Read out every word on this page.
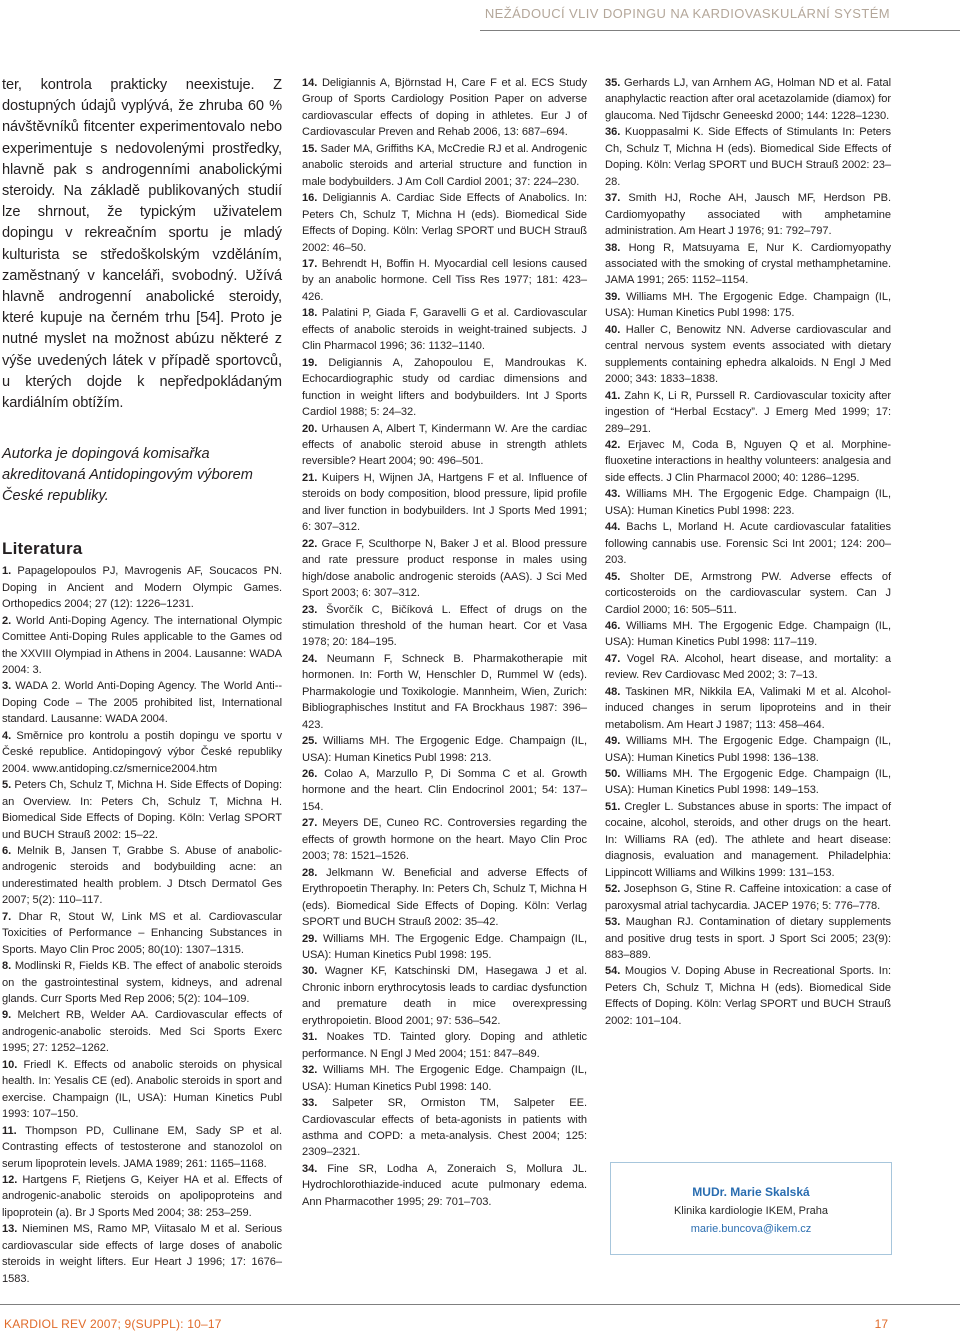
NEŽÁDOUCÍ VLIV DOPINGU NA KARDIOVASKULÁRNÍ SYSTÉM

ter, kontrola prakticky neexistuje. Z dostupných údajů vyplývá, že zhruba 60 % návštěvníků fitcenter experimentovalo nebo experimentuje s nedovolenými prostředky, hlavně pak s androgenními anabolickými steroidy. Na základě publikovaných studií lze shrnout, že typickým uživatelem dopingu v rekreačním sportu je mladý kulturista se středoškolským vzděláním, zaměstnaný v kanceláři, svobodný. Užívá hlavně androgenní anabolické steroidy, které kupuje na černém trhu [54]. Proto je nutné myslet na možnost abúzu některé z výše uvedených látek v případě sportovců, u kterých dojde k nepředpokládaným kardiálním obtížím.

Autorka je dopingová komisařka akreditovaná Antidopingovým výborem České republiky.
Literatura
1. Papagelopoulos PJ, Mavrogenis AF, Soucacos PN. Doping in Ancient and Modern Olympic Games. Orthopedics 2004; 27 (12): 1226–1231.
2. World Anti-Doping Agency. The international Olympic Comittee Anti-Doping Rules applicable to the Games od the XXVIII Olympiad in Athens in 2004. Lausanne: WADA 2004: 3.
3. WADA 2. World Anti-Doping Agency. The World Anti--Doping Code – The 2005 prohibited list, International standard. Lausanne: WADA 2004.
4. Směrnice pro kontrolu a postih dopingu ve sportu v České republice. Antidopingový výbor České republiky 2004. www.antidoping.cz/smernice2004.htm
5. Peters Ch, Schulz T, Michna H. Side Effects of Doping: an Overview. In: Peters Ch, Schulz T, Michna H. Biomedical Side Effects of Doping. Köln: Verlag SPORT und BUCH Strauß 2002: 15–22.
6. Melnik B, Jansen T, Grabbe S. Abuse of anabolic-androgenic steroids and bodybuilding acne: an underestimated health problem. J Dtsch Dermatol Ges 2007; 5(2): 110–117.
7. Dhar R, Stout W, Link MS et al. Cardiovascular Toxicities of Performance – Enhancing Substances in Sports. Mayo Clin Proc 2005; 80(10): 1307–1315.
8. Modlinski R, Fields KB. The effect of anabolic steroids on the gastrointestinal system, kidneys, and adrenal glands. Curr Sports Med Rep 2006; 5(2): 104–109.
9. Melchert RB, Welder AA. Cardiovascular effects of androgenic-anabolic steroids. Med Sci Sports Exerc 1995; 27: 1252–1262.
10. Friedl K. Effects od anabolic steroids on physical health. In: Yesalis CE (ed). Anabolic steroids in sport and exercise. Champaign (IL, USA): Human Kinetics Publ 1993: 107–150.
11. Thompson PD, Cullinane EM, Sady SP et al. Contrasting effects of testosterone and stanozolol on serum lipoprotein levels. JAMA 1989; 261: 1165–1168.
12. Hartgens F, Rietjens G, Keiyer HA et al. Effects of androgenic-anabolic steroids on apolipoproteins and lipoprotein (a). Br J Sports Med 2004; 38: 253–259.
13. Nieminen MS, Ramo MP, Viitasalo M et al. Serious cardiovascular side effects of large doses of anabolic steroids in weight lifters. Eur Heart J 1996; 17: 1676–1583.
14. Deligiannis A, Björnstad H, Care F et al. ECS Study Group of Sports Cardiology Position Paper on adverse cardiovascular effects of doping in athletes. Eur J of Cardiovascular Preven and Rehab 2006, 13: 687–694.
15. Sader MA, Griffiths KA, McCredie RJ et al. Androgenic anabolic steroids and arterial structure and function in male bodybuilders. J Am Coll Cardiol 2001; 37: 224–230.
16. Deligiannis A. Cardiac Side Effects of Anabolics. In: Peters Ch, Schulz T, Michna H (eds). Biomedical Side Effects of Doping. Köln: Verlag SPORT und BUCH Strauß 2002: 46–50.
17. Behrendt H, Boffin H. Myocardial cell lesions caused by an anabolic hormone. Cell Tiss Res 1977; 181: 423–426.
18. Palatini P, Giada F, Garavelli G et al. Cardiovascular effects of anabolic steroids in weight-trained subjects. J Clin Pharmacol 1996; 36: 1132–1140.
19. Deligiannis A, Zahopoulou E, Mandroukas K. Echocardiographic study od cardiac dimensions and function in weight lifters and bodybuilders. Int J Sports Cardiol 1988; 5: 24–32.
20. Urhausen A, Albert T, Kindermann W. Are the cardiac effects of anabolic steroid abuse in strength athlets reversible? Heart 2004; 90: 496–501.
21. Kuipers H, Wijnen JA, Hartgens F et al. Influence of steroids on body composition, blood pressure, lipid profile and liver function in bodybuilders. Int J Sports Med 1991; 6: 307–312.
22. Grace F, Sculthorpe N, Baker J et al. Blood pressure and rate pressure product response in males using high/dose anabolic androgenic steroids (AAS). J Sci Med Sport 2003; 6: 307–312.
23. Švorčík C, Bičíková L. Effect of drugs on the stimulation threshold of the human heart. Cor et Vasa 1978; 20: 184–195.
24. Neumann F, Schneck B. Pharmakotherapie mit hormonen. In: Forth W, Henschler D, Rummel W (eds). Pharmakologie und Toxikologie. Mannheim, Wien, Zurich: Bibliographisches Institut and FA Brockhaus 1987: 396–423.
25. Williams MH. The Ergogenic Edge. Champaign (IL, USA): Human Kinetics Publ 1998: 213.
26. Colao A, Marzullo P, Di Somma C et al. Growth hormone and the heart. Clin Endocrinol 2001; 54: 137–154.
27. Meyers DE, Cuneo RC. Controversies regarding the effects of growth hormone on the heart. Mayo Clin Proc 2003; 78: 1521–1526.
28. Jelkmann W. Beneficial and adverse Effects of Erythropoetin Theraphy. In: Peters Ch, Schulz T, Michna H (eds). Biomedical Side Effects of Doping. Köln: Verlag SPORT und BUCH Strauß 2002: 35–42.
29. Williams MH. The Ergogenic Edge. Champaign (IL, USA): Human Kinetics Publ 1998: 195.
30. Wagner KF, Katschinski DM, Hasegawa J et al. Chronic inborn erythrocytosis leads to cardiac dysfunction and premature death in mice overexpressing erythropoietin. Blood 2001; 97: 536–542.
31. Noakes TD. Tainted glory. Doping and athletic performance. N Engl J Med 2004; 151: 847–849.
32. Williams MH. The Ergogenic Edge. Champaign (IL, USA): Human Kinetics Publ 1998: 140.
33. Salpeter SR, Ormiston TM, Salpeter EE. Cardiovascular effects of beta-agonists in patients with asthma and COPD: a meta-analysis. Chest 2004; 125: 2309–2321.
34. Fine SR, Lodha A, Zoneraich S, Mollura JL. Hydrochlorothiazide-induced acute pulmonary edema. Ann Pharmacother 1995; 29: 701–703.
35. Gerhards LJ, van Arnhem AG, Holman ND et al. Fatal anaphylactic reaction after oral acetazolamide (diamox) for glaucoma. Ned Tijdschr Geneeskd 2000; 144: 1228–1230.
36. Kuoppasalmi K. Side Effects of Stimulants In: Peters Ch, Schulz T, Michna H (eds). Biomedical Side Effects of Doping. Köln: Verlag SPORT und BUCH Strauß 2002: 23–28.
37. Smith HJ, Roche AH, Jausch MF, Herdson PB. Cardiomyopathy associated with amphetamine administration. Am Heart J 1976; 91: 792–797.
38. Hong R, Matsuyama E, Nur K. Cardiomyopathy associated with the smoking of crystal methamphetamine. JAMA 1991; 265: 1152–1154.
39. Williams MH. The Ergogenic Edge. Champaign (IL, USA): Human Kinetics Publ 1998: 175.
40. Haller C, Benowitz NN. Adverse cardiovascular and central nervous system events associated with dietary supplements containing ephedra alkaloids. N Engl J Med 2000; 343: 1833–1838.
41. Zahn K, Li R, Purssell R. Cardiovascular toxicity after ingestion of “Herbal Ecstacy”. J Emerg Med 1999; 17: 289–291.
42. Erjavec M, Coda B, Nguyen Q et al. Morphine-fluoxetine interactions in healthy volunteers: analgesia and side effects. J Clin Pharmacol 2000; 40: 1286–1295.
43. Williams MH. The Ergogenic Edge. Champaign (IL, USA): Human Kinetics Publ 1998: 223.
44. Bachs L, Morland H. Acute cardiovascular fatalities following cannabis use. Forensic Sci Int 2001; 124: 200–203.
45. Sholter DE, Armstrong PW. Adverse effects of corticosteroids on the cardiovascular system. Can J Cardiol 2000; 16: 505–511.
46. Williams MH. The Ergogenic Edge. Champaign (IL, USA): Human Kinetics Publ 1998: 117–119.
47. Vogel RA. Alcohol, heart disease, and mortality: a review. Rev Cardiovasc Med 2002; 3: 7–13.
48. Taskinen MR, Nikkila EA, Valimaki M et al. Alcohol-induced changes in serum lipoproteins and in their metabolism. Am Heart J 1987; 113: 458–464.
49. Williams MH. The Ergogenic Edge. Champaign (IL, USA): Human Kinetics Publ 1998: 136–138.
50. Williams MH. The Ergogenic Edge. Champaign (IL, USA): Human Kinetics Publ 1998: 149–153.
51. Cregler L. Substances abuse in sports: The impact of cocaine, alcohol, steroids, and other drugs on the heart. In: Williams RA (ed). The athlete and heart disease: diagnosis, evaluation and management. Philadelphia: Lippincott Williams and Wilkins 1999: 131–153.
52. Josephson G, Stine R. Caffeine intoxication: a case of paroxysmal atrial tachycardia. JACEP 1976; 5: 776–778.
53. Maughan RJ. Contamination of dietary supplements and positive drug tests in sport. J Sport Sci 2005; 23(9): 883–889.
54. Mougios V. Doping Abuse in Recreational Sports. In: Peters Ch, Schulz T, Michna H (eds). Biomedical Side Effects of Doping. Köln: Verlag SPORT und BUCH Strauß 2002: 101–104.
MUDr. Marie Skalská
Klinika kardiologie IKEM, Praha
marie.buncova@ikem.cz
KARDIOL REV 2007; 9(SUPPL): 10–17	17
